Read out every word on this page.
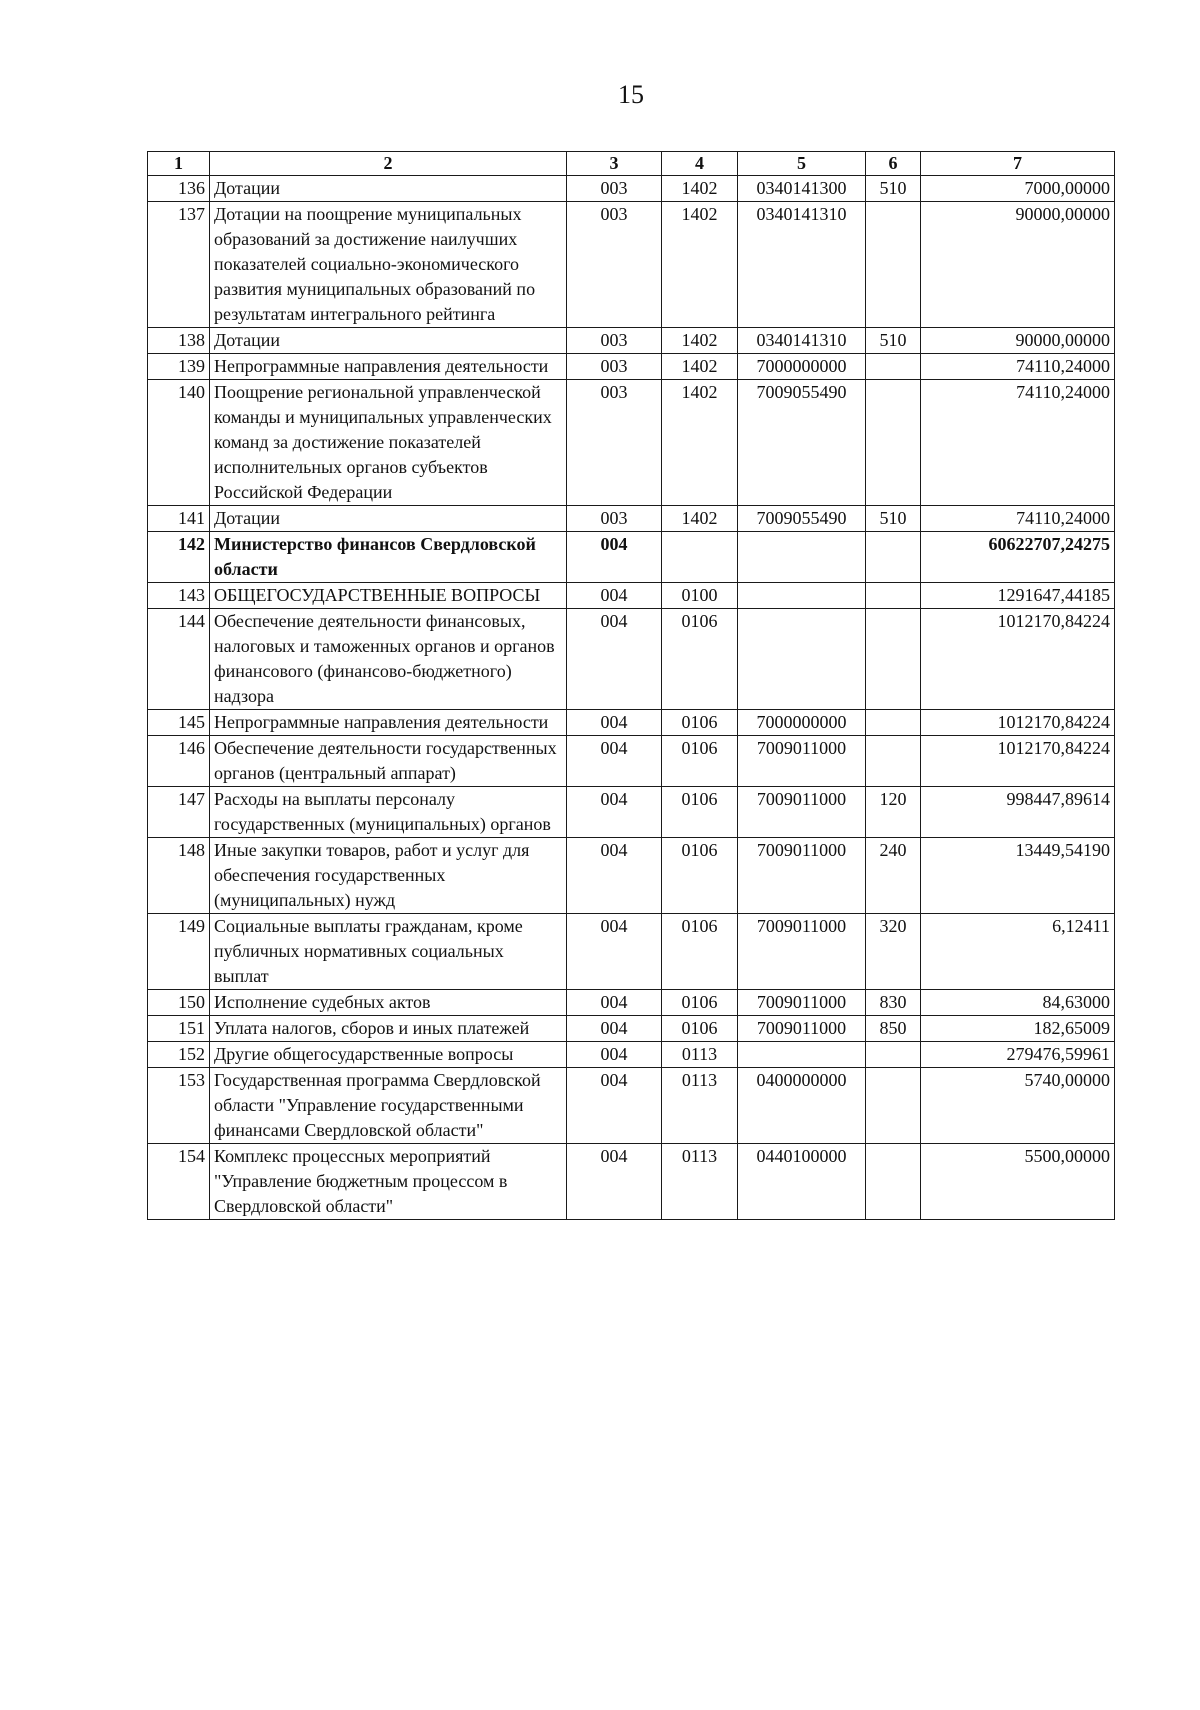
15
1	2	3	4	5	6	7
136	Дотации	003	1402	0340141300	510	7000,00000
137	Дотации на поощрение муниципальных образований за достижение наилучших показателей социально-экономического развития муниципальных образований по результатам интегрального рейтинга	003	1402	0340141310		90000,00000
138	Дотации	003	1402	0340141310	510	90000,00000
139	Непрограммные направления деятельности	003	1402	7000000000		74110,24000
140	Поощрение региональной управленческой команды и муниципальных управленческих команд за достижение показателей исполнительных органов субъектов Российской Федерации	003	1402	7009055490		74110,24000
141	Дотации	003	1402	7009055490	510	74110,24000
142	Министерство финансов Свердловской области	004				60622707,24275
143	ОБЩЕГОСУДАРСТВЕННЫЕ ВОПРОСЫ	004	0100			1291647,44185
144	Обеспечение деятельности финансовых, налоговых и таможенных органов и органов финансового (финансово-бюджетного) надзора	004	0106			1012170,84224
145	Непрограммные направления деятельности	004	0106	7000000000		1012170,84224
146	Обеспечение деятельности государственных органов (центральный аппарат)	004	0106	7009011000		1012170,84224
147	Расходы на выплаты персоналу государственных (муниципальных) органов	004	0106	7009011000	120	998447,89614
148	Иные закупки товаров, работ и услуг для обеспечения государственных (муниципальных) нужд	004	0106	7009011000	240	13449,54190
149	Социальные выплаты гражданам, кроме публичных нормативных социальных выплат	004	0106	7009011000	320	6,12411
150	Исполнение судебных актов	004	0106	7009011000	830	84,63000
151	Уплата налогов, сборов и иных платежей	004	0106	7009011000	850	182,65009
152	Другие общегосударственные вопросы	004	0113			279476,59961
153	Государственная программа Свердловской области "Управление государственными финансами Свердловской области"	004	0113	0400000000		5740,00000
154	Комплекс процессных мероприятий "Управление бюджетным процессом в Свердловской области"	004	0113	0440100000		5500,00000
